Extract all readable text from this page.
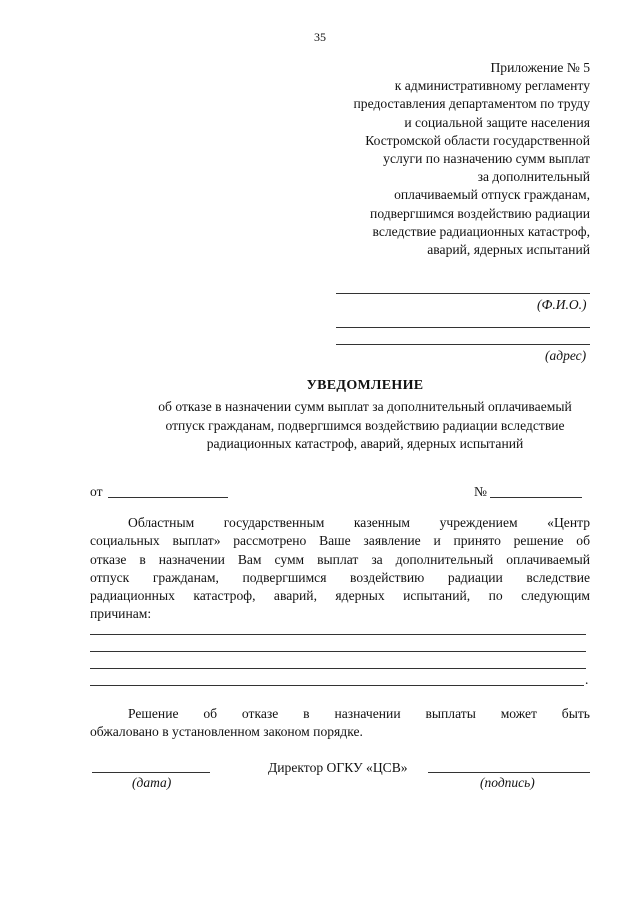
35
Приложение № 5
к административному регламенту
предоставления департаментом по труду
и социальной защите населения
Костромской области государственной
услуги по назначению сумм выплат
за дополнительный
оплачиваемый отпуск гражданам,
подвергшимся воздействию радиации
вследствие радиационных катастроф,
аварий, ядерных испытаний
(Ф.И.О.)
(адрес)
УВЕДОМЛЕНИЕ
об отказе в назначении сумм выплат за дополнительный оплачиваемый
отпуск гражданам, подвергшимся воздействию радиации вследствие
радиационных катастроф, аварий, ядерных испытаний
от	№
Областным государственным казенным учреждением «Центр
социальных выплат» рассмотрено Ваше заявление и принято решение об
отказе в назначении Вам сумм выплат за дополнительный оплачиваемый
отпуск гражданам, подвергшимся воздействию радиации вследствие
радиационных катастроф, аварий, ядерных испытаний, по следующим
причинам:
.
Решение об отказе в назначении выплаты может быть
обжаловано в установленном законом порядке.
(дата)
Директор ОГКУ «ЦСВ»
(подпись)
